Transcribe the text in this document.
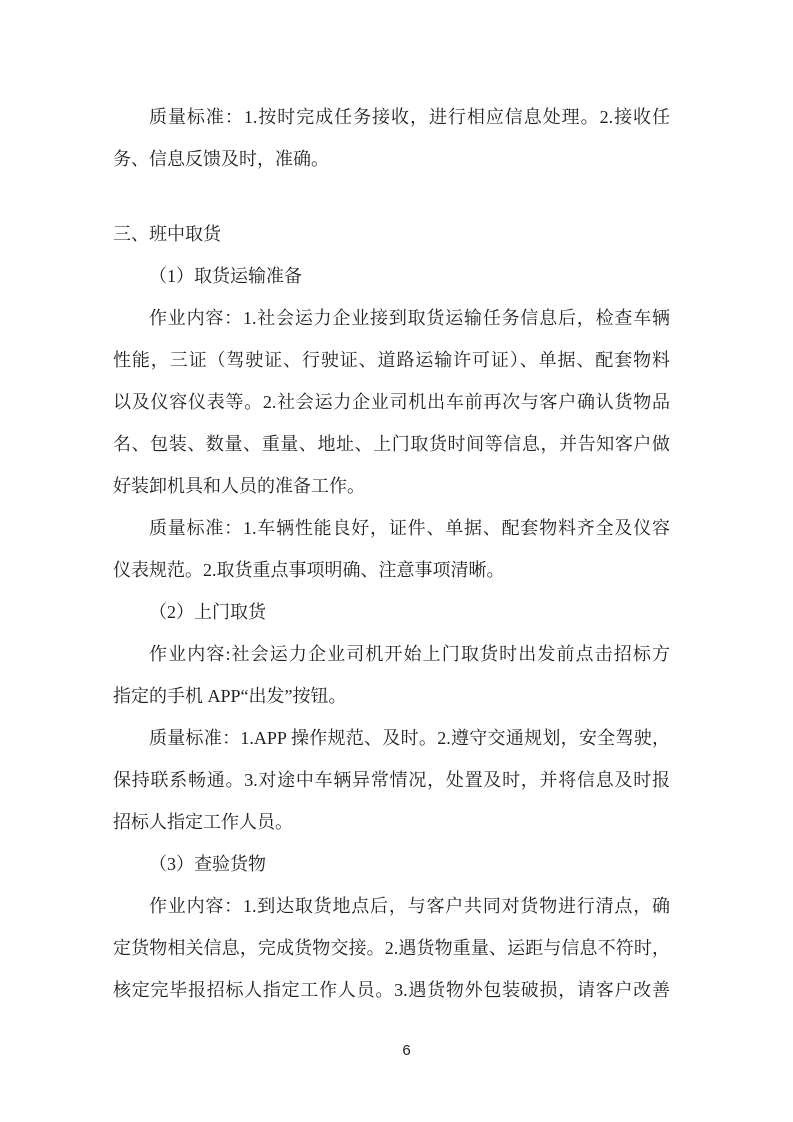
质量标准：1.按时完成任务接收，进行相应信息处理。2.接收任
务、信息反馈及时，准确。
三、班中取货
（1）取货运输准备
作业内容：1.社会运力企业接到取货运输任务信息后，检查车辆
性能，三证（驾驶证、行驶证、道路运输许可证）、单据、配套物料
以及仪容仪表等。2.社会运力企业司机出车前再次与客户确认货物品
名、包装、数量、重量、地址、上门取货时间等信息，并告知客户做
好装卸机具和人员的准备工作。
质量标准：1.车辆性能良好，证件、单据、配套物料齐全及仪容
仪表规范。2.取货重点事项明确、注意事项清晰。
（2）上门取货
作业内容:社会运力企业司机开始上门取货时出发前点击招标方
指定的手机 APP“出发”按钮。
质量标准：1.APP 操作规范、及时。2.遵守交通规划，安全驾驶，
保持联系畅通。3.对途中车辆异常情况，处置及时，并将信息及时报
招标人指定工作人员。
（3）查验货物
作业内容：1.到达取货地点后，与客户共同对货物进行清点，确
定货物相关信息，完成货物交接。2.遇货物重量、运距与信息不符时，
核定完毕报招标人指定工作人员。3.遇货物外包装破损，请客户改善
6
